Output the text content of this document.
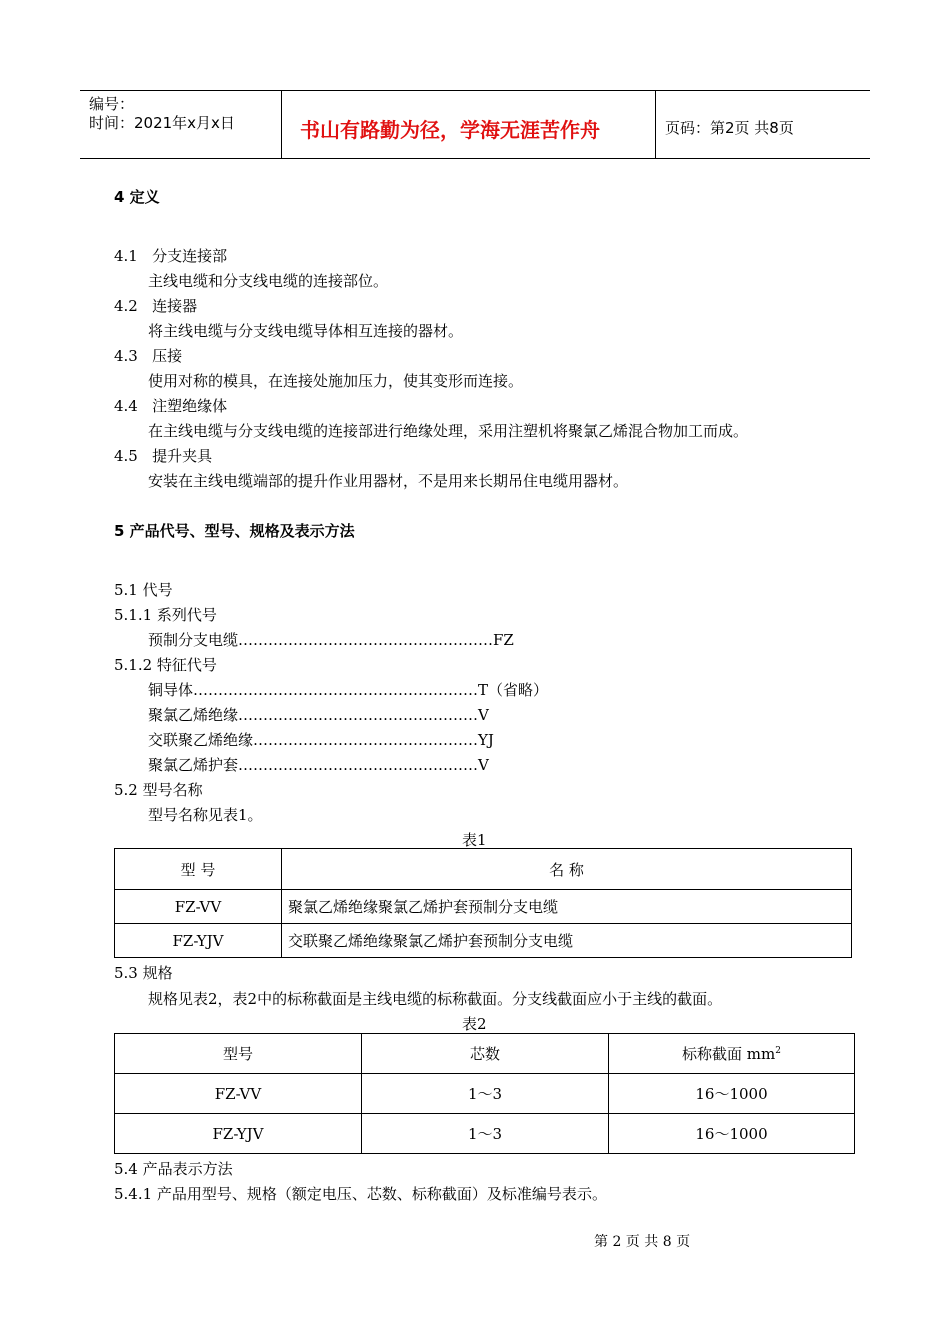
编号：
时间：2021年x月x日	书山有路勤为径，学海无涯苦作舟	页码：第2页 共8页
4 定义
4.1 分支连接部
主线电缆和分支线电缆的连接部位。
4.2 连接器
将主线电缆与分支线电缆导体相互连接的器材。
4.3 压接
使用对称的模具，在连接处施加压力，使其变形而连接。
4.4 注塑绝缘体
在主线电缆与分支线电缆的连接部进行绝缘处理，采用注塑机将聚氯乙烯混合物加工而成。
4.5 提升夹具
安装在主线电缆端部的提升作业用器材，不是用来长期吊住电缆用器材。
5 产品代号、型号、规格及表示方法
5.1 代号
5.1.1 系列代号
预制分支电缆……………………………………………FZ
5.1.2 特征代号
铜导体…………………………………………………T（省略）
聚氯乙烯绝缘…………………………………………V
交联聚乙烯绝缘………………………………………YJ
聚氯乙烯护套…………………………………………V
5.2 型号名称
型号名称见表1。
表1
型 号	名 称
FZ-VV	聚氯乙烯绝缘聚氯乙烯护套预制分支电缆
FZ-YJV	交联聚乙烯绝缘聚氯乙烯护套预制分支电缆
5.3 规格
规格见表2，表2中的标称截面是主线电缆的标称截面。分支线截面应小于主线的截面。
表2
型号	芯数	标称截面 $mm^2$
FZ-VV	1～3	16～1000
FZ-YJV	1～3	16～1000
5.4 产品表示方法
5.4.1 产品用型号、规格（额定电压、芯数、标称截面）及标准编号表示。
第 2 页 共 8 页
